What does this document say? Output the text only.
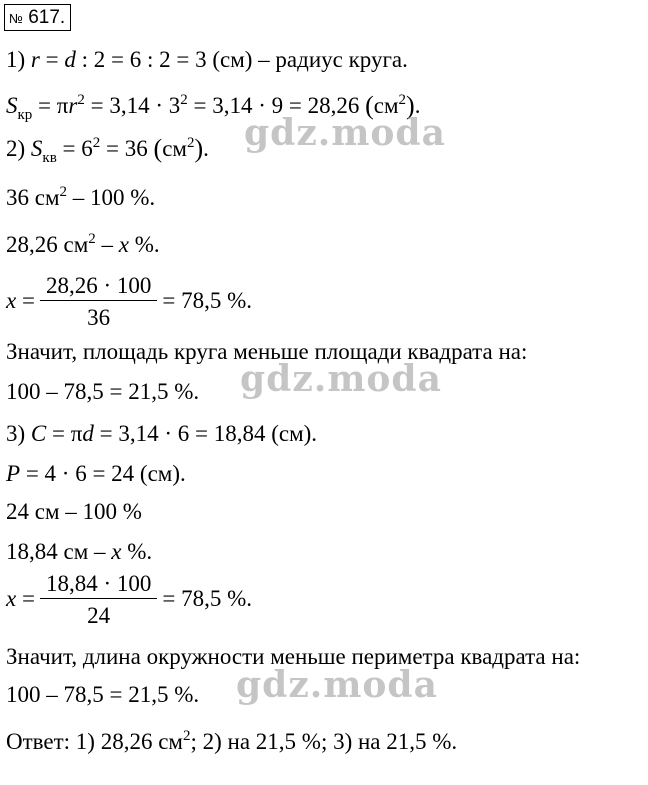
№ 617.
1) r = d : 2 = 6 : 2 = 3 (см) – радиус круга.
$S_{кр} = \pi r^2 = 3,14 \cdot 3^2 = 3,14 \cdot 9 = 28,26$ $(см^2)$.
2) $S_{кв} = 6^2 = 36$ $(см^2)$.
36 $см^2 - 100$ %.
28,26 $см^2$ – x %.
$x = \frac{28,26 \cdot 100}{36} = 78,5$ %.
Значит, площадь круга меньше площади квадрата на:
100 – 78,5 = 21,5 %.
3) C = πd = 3,14 · 6 = 18,84 (см).
P = 4 · 6 = 24 (см).
24 см – 100 %
18,84 см – x %.
$x = \frac{18,84 \cdot 100}{24} = 78,5$ %.
Значит, длина окружности меньше периметра квадрата на:
100 – 78,5 = 21,5 %.
Ответ: 1) 28,26 $см^2$; 2) на 21,5 %; 3) на 21,5 %.
gdz.moda
gdz.moda
gdz.moda
